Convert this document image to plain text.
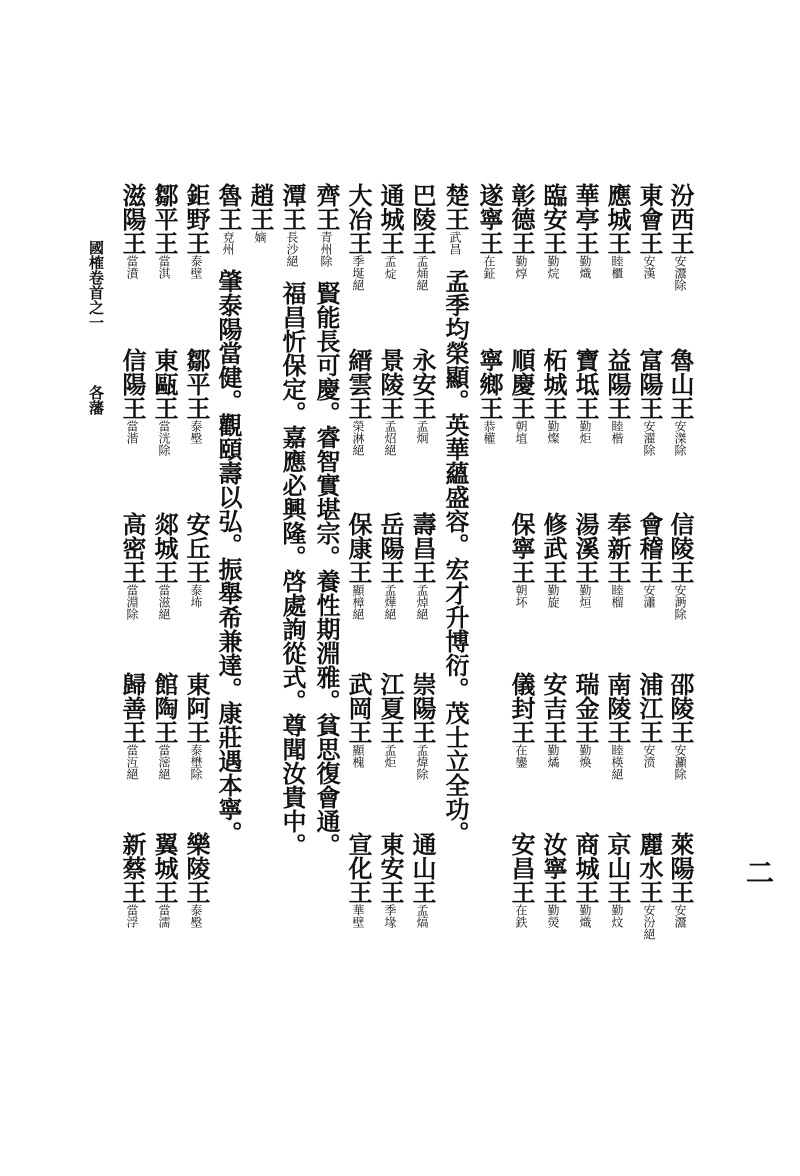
二
國榷卷首之一
各藩
汾西王安灊除
魯山王安滐除
信陵王安㴐除
邵陵王安灦除
萊陽王安灊
東會王安漢
富陽王安濯除
會稽王安瀟
浦江王安𣸣
麗水王安汾絕
應城王睦櫃
益陽王睦楷
奉新王睦榴
南陵王睦楧絕
京山王勤炆
華亭王勤熾
寶坻王勤炬
湯溪王勤烜
瑞金王勤煥
商城王勤熾
臨安王勤烷
柘城王勤燦
修武王勤旋
安吉王勤燏
汝寧王勤熒
彰德王勤焞
順慶王朝埴
保寧王朝坏
儀封王在鑾
安昌王在鉄
遂寧王在鉦
寧鄉王恭權
楚王武昌孟季均榮顯。英華蘊盛容。宏才升博衍。茂士立全功。
巴陵王孟㷁絕
永安王孟炯
壽昌王孟焯絕
崇陽王孟煒除
通山王孟熇
通城王孟𤊟
景陵王孟炤絕
岳陽王孟燁絕
江夏王孟炬
東安王季堟
大冶王季埏絕
縉雲王榮淋絕
保康王顯樟絕
武岡王顯槐
宣化王華壁
齊王青州除賢能長可慶。睿智實堪宗。養性期淵雅。貧思復會通。
潭王長沙絕福昌忻保定。嘉應必興隆。啓處詢從式。尊聞汝貴中。
趙王嫡
魯王兗州肇泰陽當健。觀頤壽以弘。振舉希兼達。康莊遇本寧。
鉅野王泰壁
鄒平王泰壂
安丘王泰㘵
東阿王泰壄除
樂陵王泰壂
鄒平王當淇
東甌王當洸除
郯城王當滋絕
館陶王當滵絕
翼城王當濡
滋陽王當濆
信陽王當湝
高密王當淵除
歸善王當沍絕
新蔡王當浮
